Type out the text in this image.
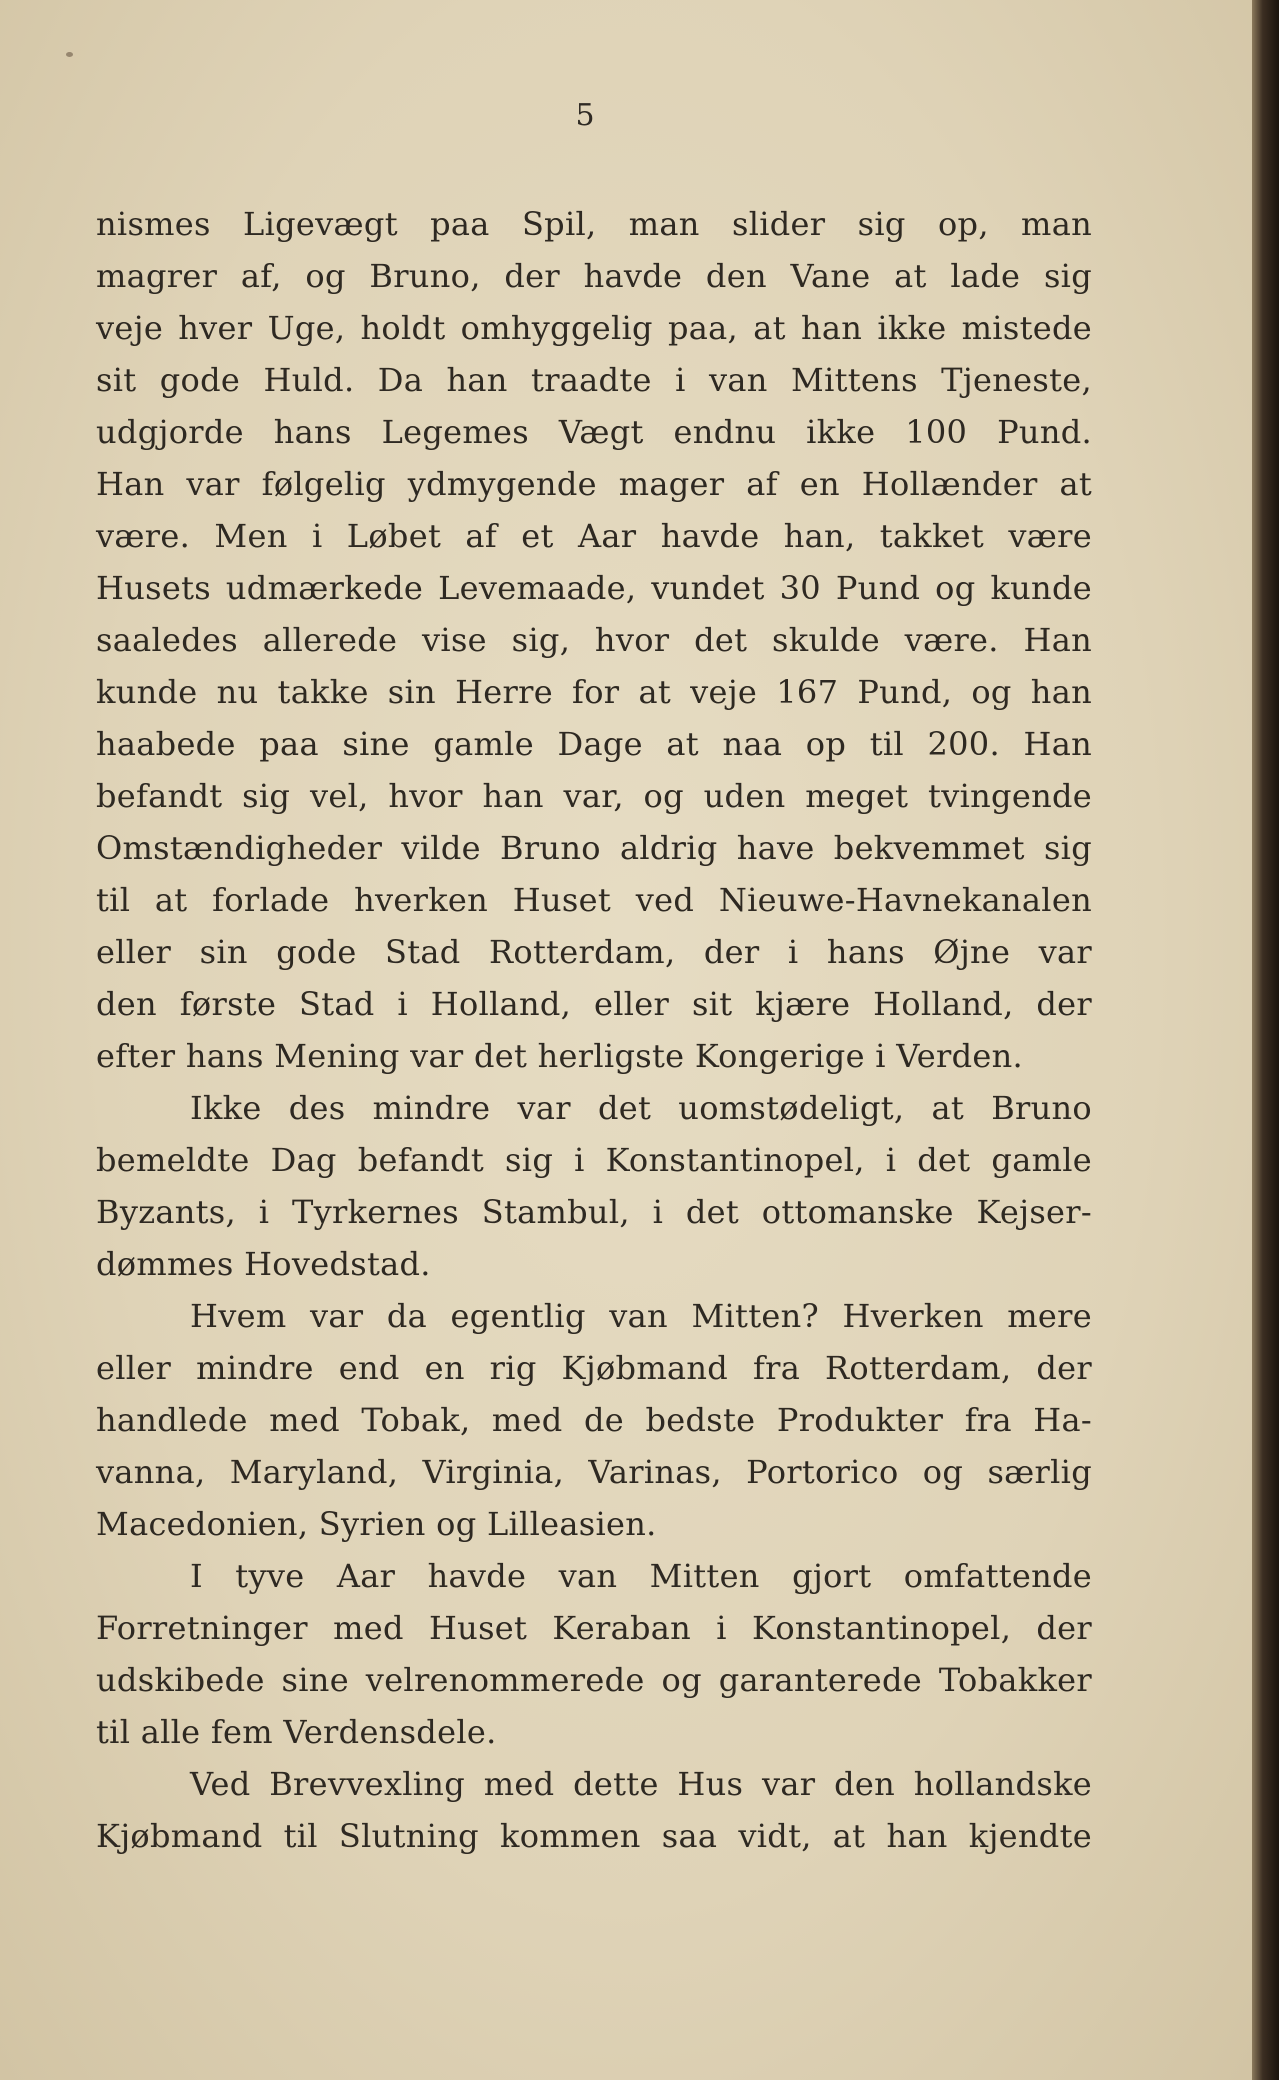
5
nismes Ligevægt paa Spil, man slider sig op, man
magrer af, og Bruno, der havde den Vane at lade sig
veje hver Uge, holdt omhyggelig paa, at han ikke mistede
sit gode Huld. Da han traadte i van Mittens Tjeneste,
udgjorde hans Legemes Vægt endnu ikke 100 Pund.
Han var følgelig ydmygende mager af en Hollænder at
være. Men i Løbet af et Aar havde han, takket være
Husets udmærkede Levemaade, vundet 30 Pund og kunde
saaledes allerede vise sig, hvor det skulde være. Han
kunde nu takke sin Herre for at veje 167 Pund, og han
haabede paa sine gamle Dage at naa op til 200. Han
befandt sig vel, hvor han var, og uden meget tvingende
Omstændigheder vilde Bruno aldrig have bekvemmet sig
til at forlade hverken Huset ved Nieuwe-Havnekanalen
eller sin gode Stad Rotterdam, der i hans Øjne var
den første Stad i Holland, eller sit kjære Holland, der
efter hans Mening var det herligste Kongerige i Verden.
Ikke des mindre var det uomstødeligt, at Bruno
bemeldte Dag befandt sig i Konstantinopel, i det gamle
Byzants, i Tyrkernes Stambul, i det ottomanske Kejser-
dømmes Hovedstad.
Hvem var da egentlig van Mitten? Hverken mere
eller mindre end en rig Kjøbmand fra Rotterdam, der
handlede med Tobak, med de bedste Produkter fra Ha-
vanna, Maryland, Virginia, Varinas, Portorico og særlig
Macedonien, Syrien og Lilleasien.
I tyve Aar havde van Mitten gjort omfattende
Forretninger med Huset Keraban i Konstantinopel, der
udskibede sine velrenommerede og garanterede Tobakker
til alle fem Verdensdele.
Ved Brevvexling med dette Hus var den hollandske
Kjøbmand til Slutning kommen saa vidt, at han kjendte
